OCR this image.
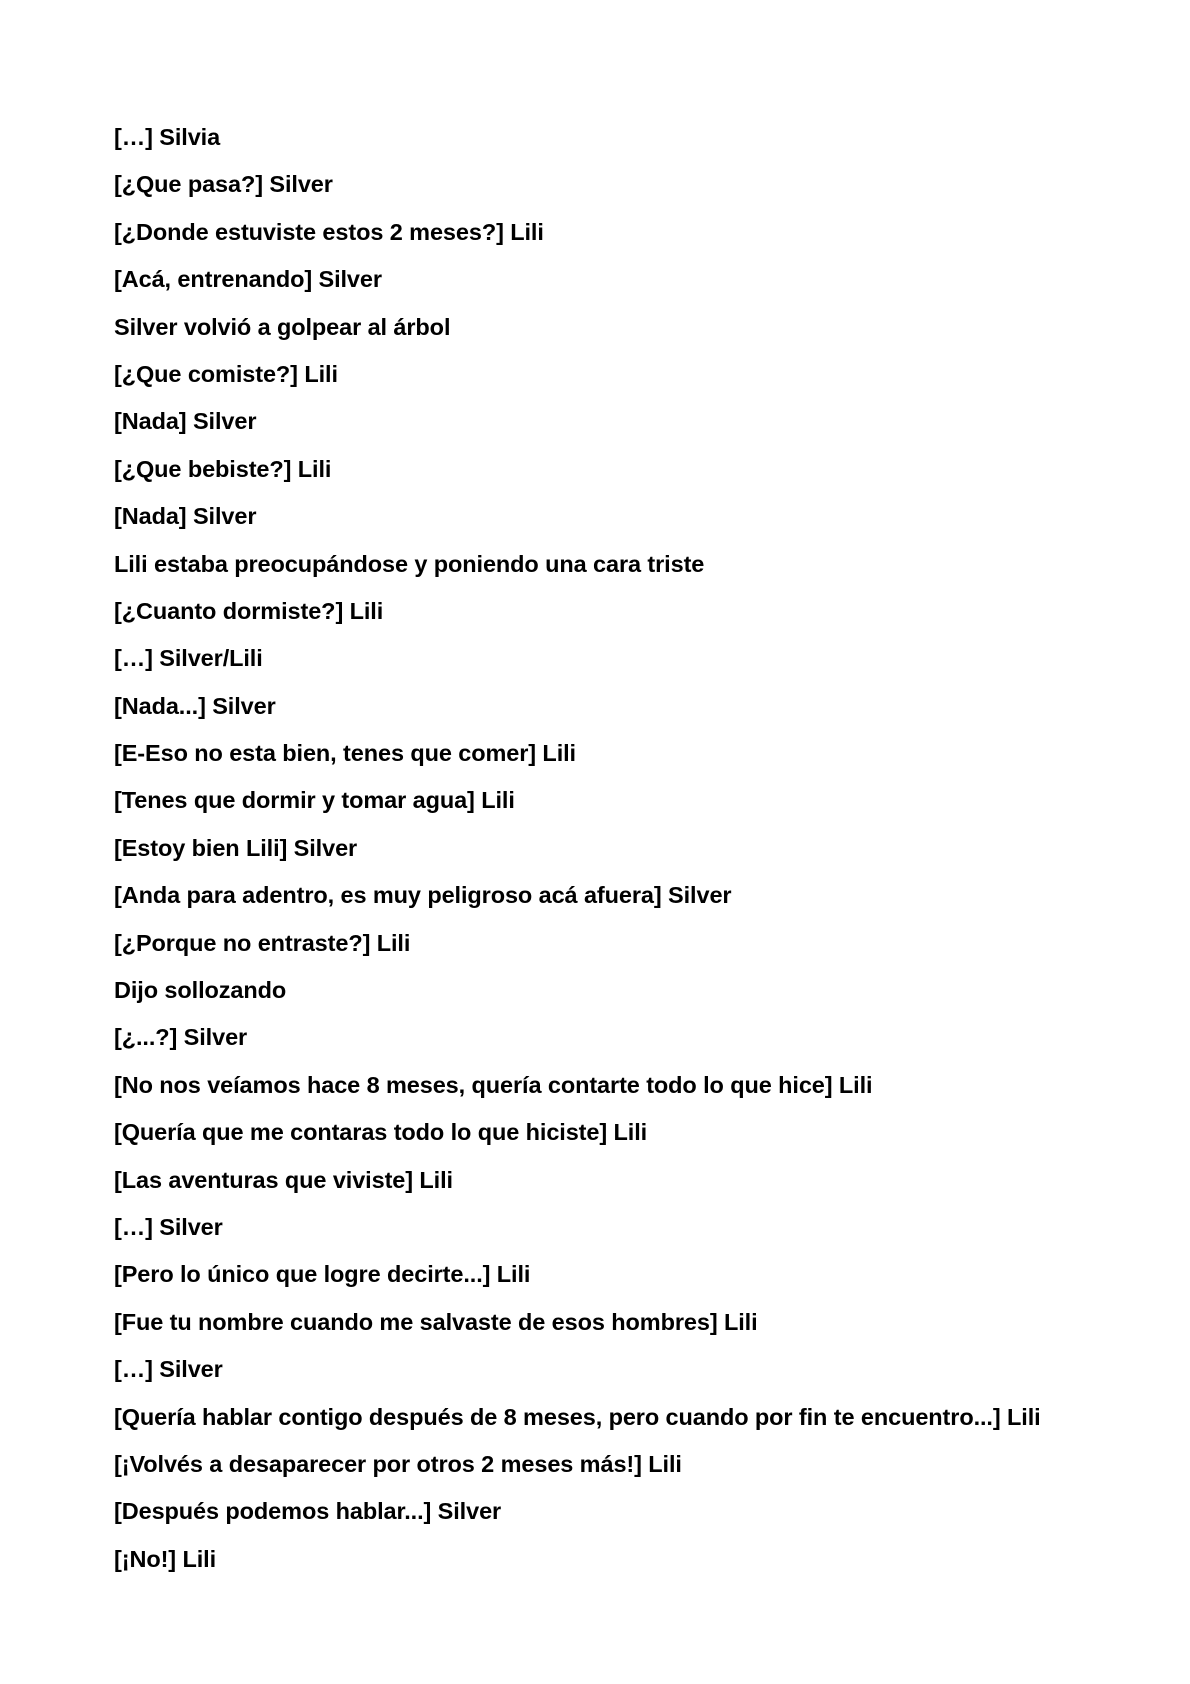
[…] Silvia
[¿Que pasa?] Silver
[¿Donde estuviste estos 2 meses?] Lili
[Acá, entrenando] Silver
Silver volvió a golpear al árbol
[¿Que comiste?] Lili
[Nada] Silver
[¿Que bebiste?] Lili
[Nada] Silver
Lili estaba preocupándose y poniendo una cara triste
[¿Cuanto dormiste?] Lili
[…] Silver/Lili
[Nada...] Silver
[E-Eso no esta bien, tenes que comer] Lili
[Tenes que dormir y tomar agua] Lili
[Estoy bien Lili] Silver
[Anda para adentro, es muy peligroso acá afuera] Silver
[¿Porque no entraste?] Lili
Dijo sollozando
[¿...?] Silver
[No nos veíamos hace 8 meses, quería contarte todo lo que hice] Lili
[Quería que me contaras todo lo que hiciste] Lili
[Las aventuras que viviste] Lili
[…] Silver
[Pero lo único que logre decirte...] Lili
[Fue tu nombre cuando me salvaste de esos hombres] Lili
[…] Silver
[Quería hablar contigo después de 8 meses, pero cuando por fin te encuentro...] Lili
[¡Volvés a desaparecer por otros 2 meses más!] Lili
[Después podemos hablar...] Silver
[¡No!] Lili
